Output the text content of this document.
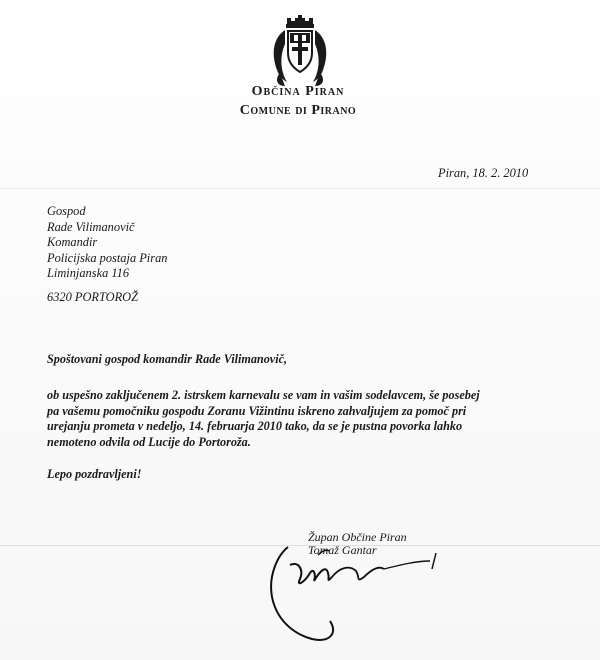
Občina Piran
Comune di Pirano
Piran, 18. 2. 2010
Gospod
Rade Vilimanovič
Komandir
Policijska postaja Piran
Liminjanska 116
6320 PORTOROŽ
Spoštovani gospod komandir Rade Vilimanovič,
ob uspešno zaključenem 2. istrskem karnevalu se vam in vašim sodelavcem, še posebej
pa vašemu pomočniku gospodu Zoranu Vižintinu iskreno zahvaljujem za pomoč pri
urejanju prometa v nedeljo, 14. februarja 2010 tako, da se je pustna povorka lahko
nemoteno odvila od Lucije do Portoroža.
Lepo pozdravljeni!
Župan Občine Piran
Tomaž Gantar
